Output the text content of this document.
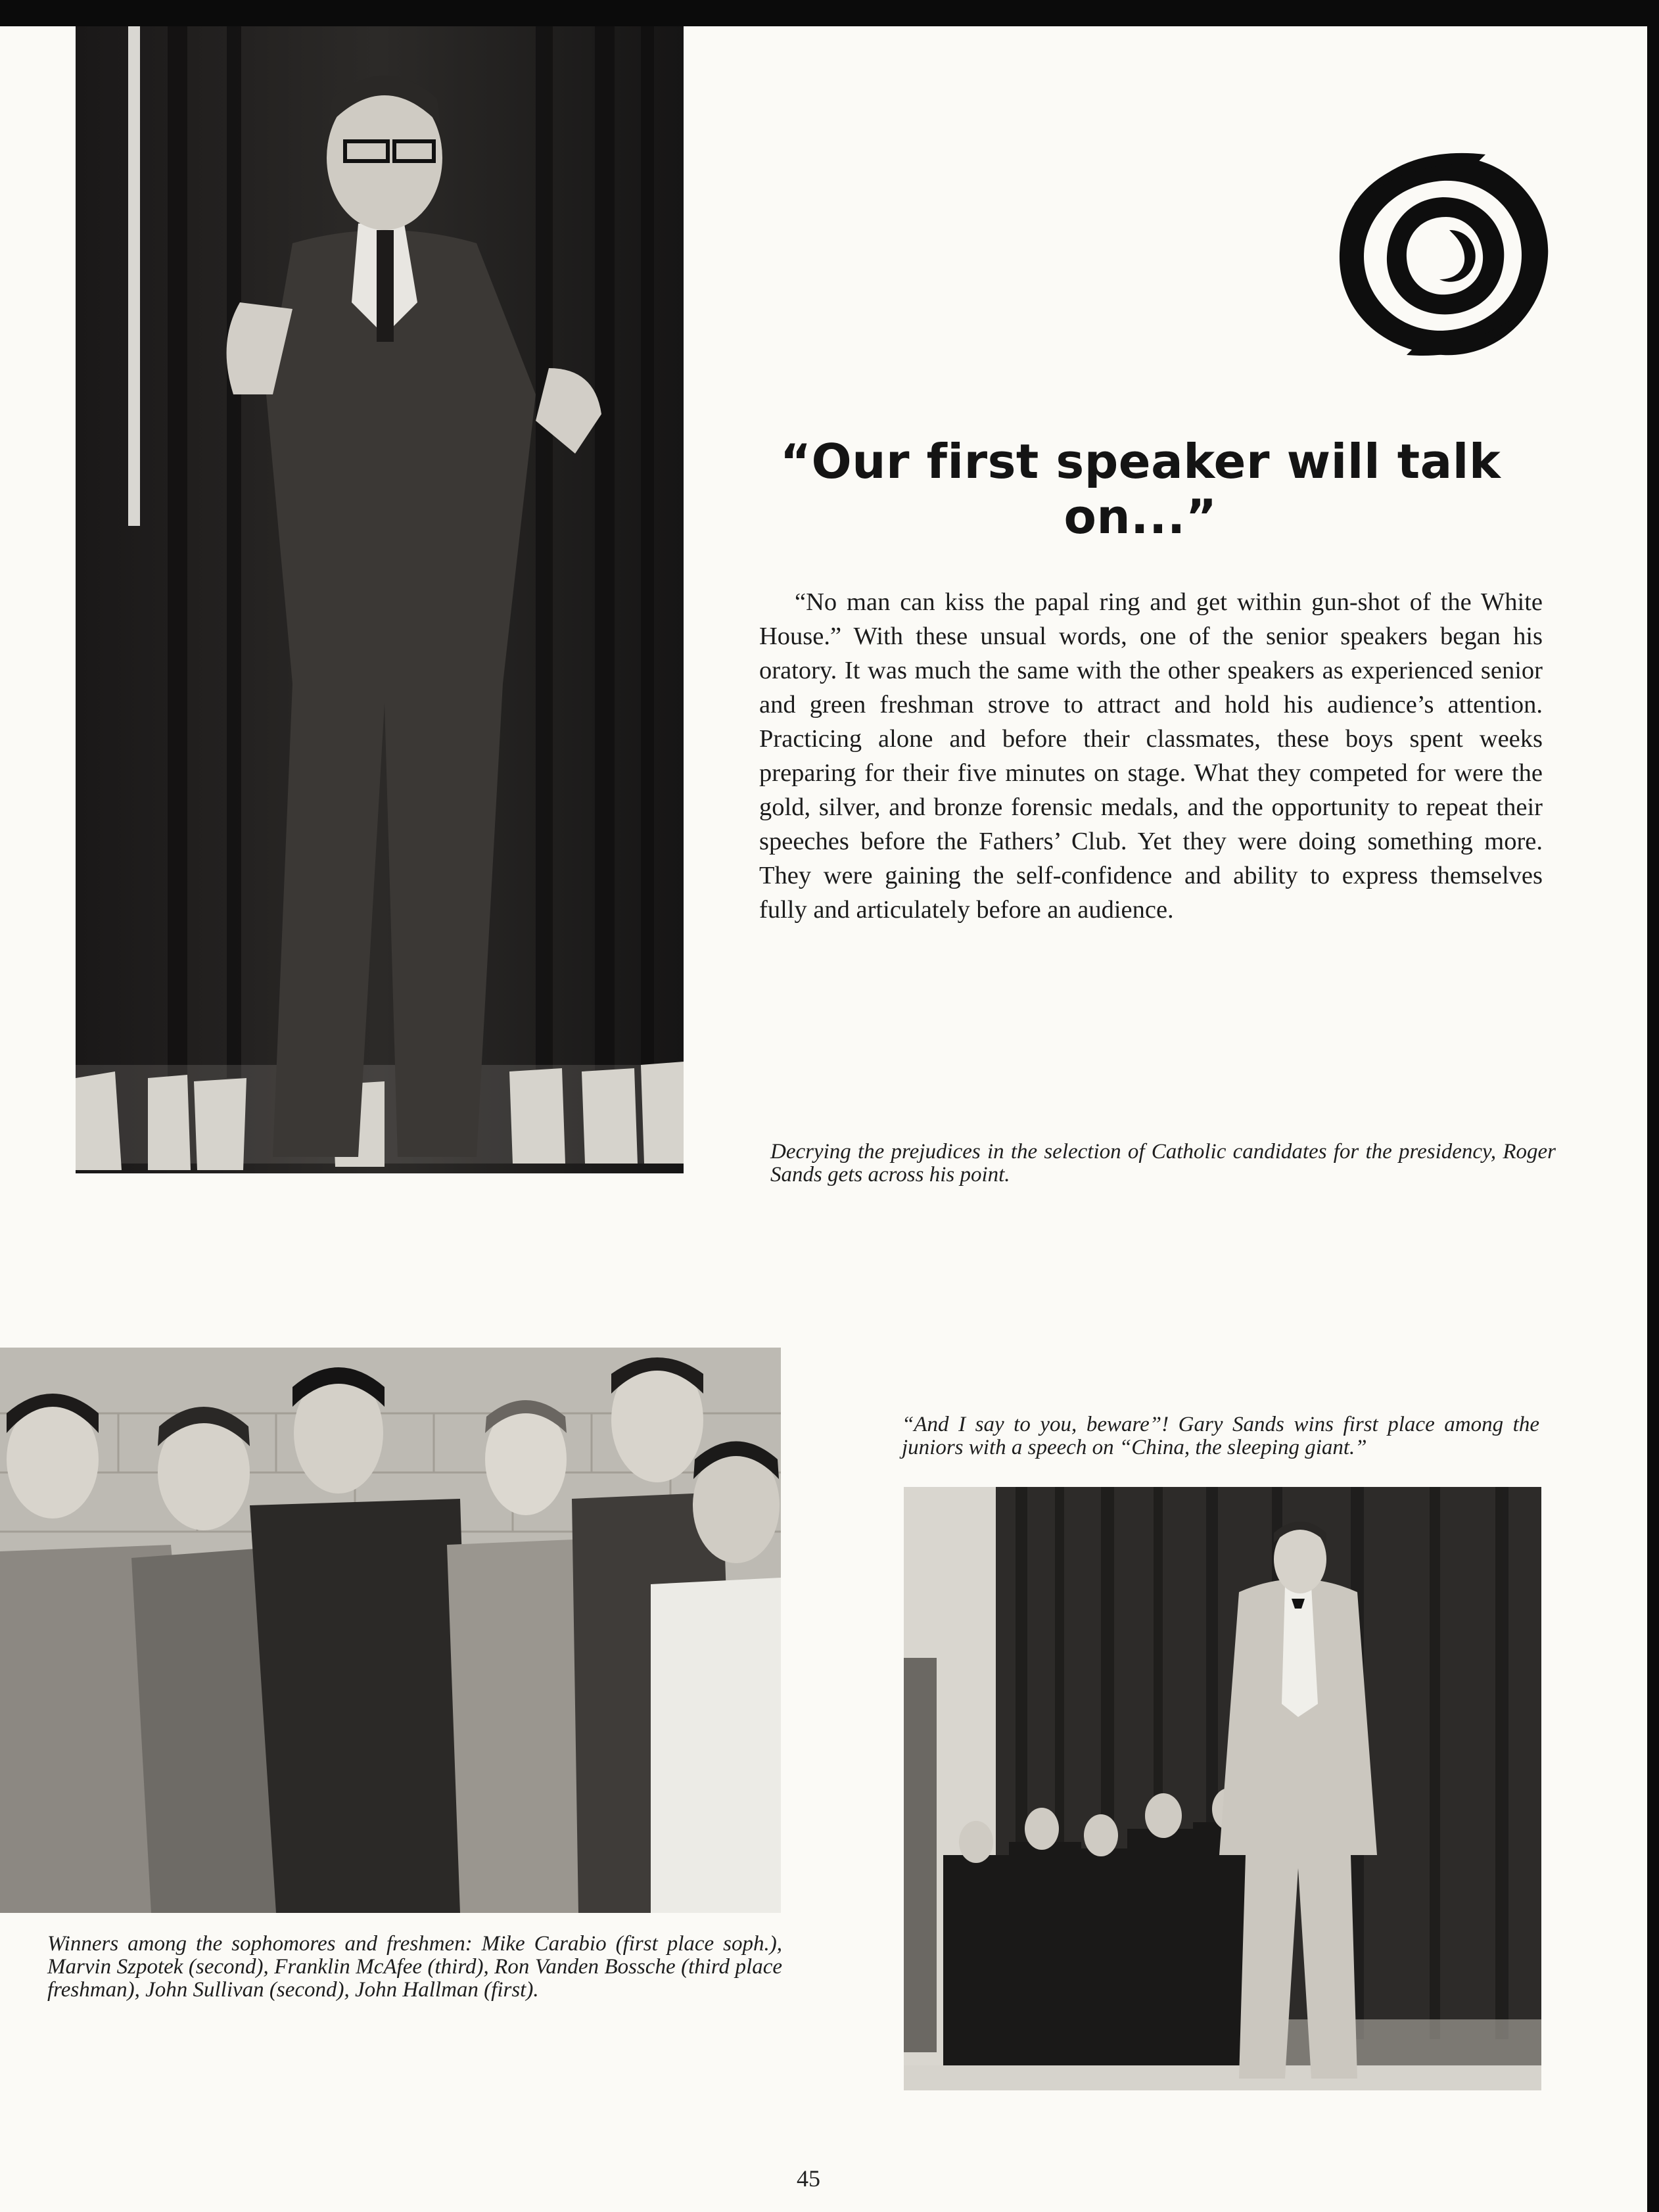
“Our first speaker will talk on...”
“No man can kiss the papal ring and get within gun-shot of the White House.” With these unsual words, one of the senior speakers began his oratory. It was much the same with the other speakers as experienced senior and green freshman strove to attract and hold his audience’s attention. Practicing alone and before their classmates, these boys spent weeks preparing for their five minutes on stage. What they competed for were the gold, silver, and bronze forensic medals, and the opportunity to repeat their speeches before the Fathers’ Club. Yet they were doing something more. They were gaining the self-confidence and ability to express themselves fully and articulately before an audience.
Decrying the prejudices in the selection of Catholic candidates for the presidency, Roger Sands gets across his point.
Winners among the sophomores and freshmen: Mike Carabio (first place soph.), Marvin Szpotek (second), Franklin McAfee (third), Ron Vanden Bossche (third place freshman), John Sullivan (second), John Hallman (first).
“And I say to you, beware”! Gary Sands wins first place among the juniors with a speech on “China, the sleeping giant.”
45
